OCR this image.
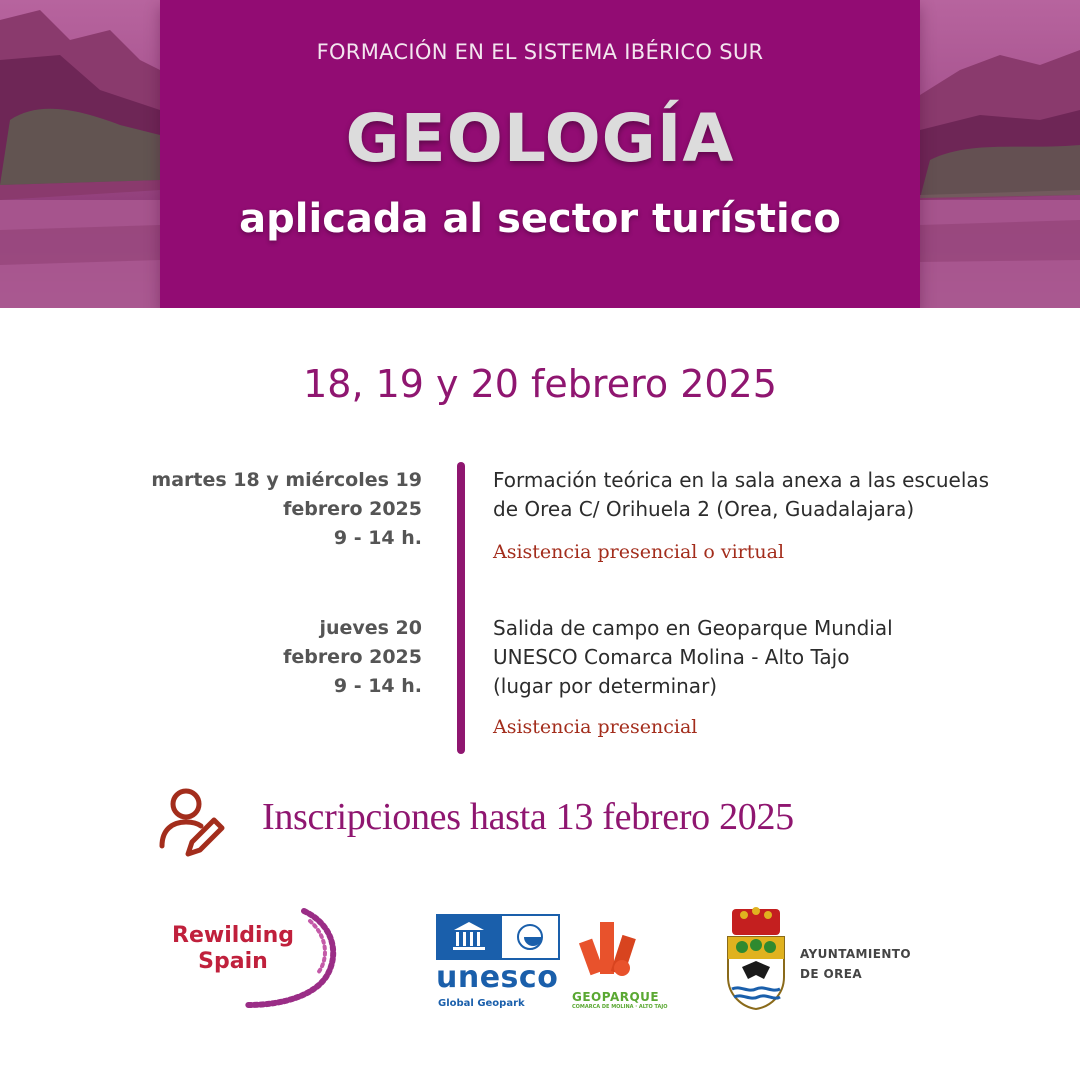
FORMACIÓN EN EL SISTEMA IBÉRICO SUR
GEOLOGÍA
aplicada al sector turístico
18, 19 y 20 febrero 2025
martes 18 y miércoles 19
febrero 2025
9 - 14 h.
Formación teórica en la sala anexa a las escuelas
de Orea C/ Orihuela 2 (Orea, Guadalajara)
Asistencia presencial o virtual
jueves 20
febrero 2025
9 - 14 h.
Salida de campo en Geoparque Mundial
UNESCO Comarca Molina - Alto Tajo
(lugar por determinar)
Asistencia presencial
Inscripciones hasta 13 febrero 2025
Rewilding
Spain	unesco
Global Geopark	GEOPARQUE
COMARCA DE MOLINA · ALTO TAJO
AYUNTAMIENTO
DE OREA
